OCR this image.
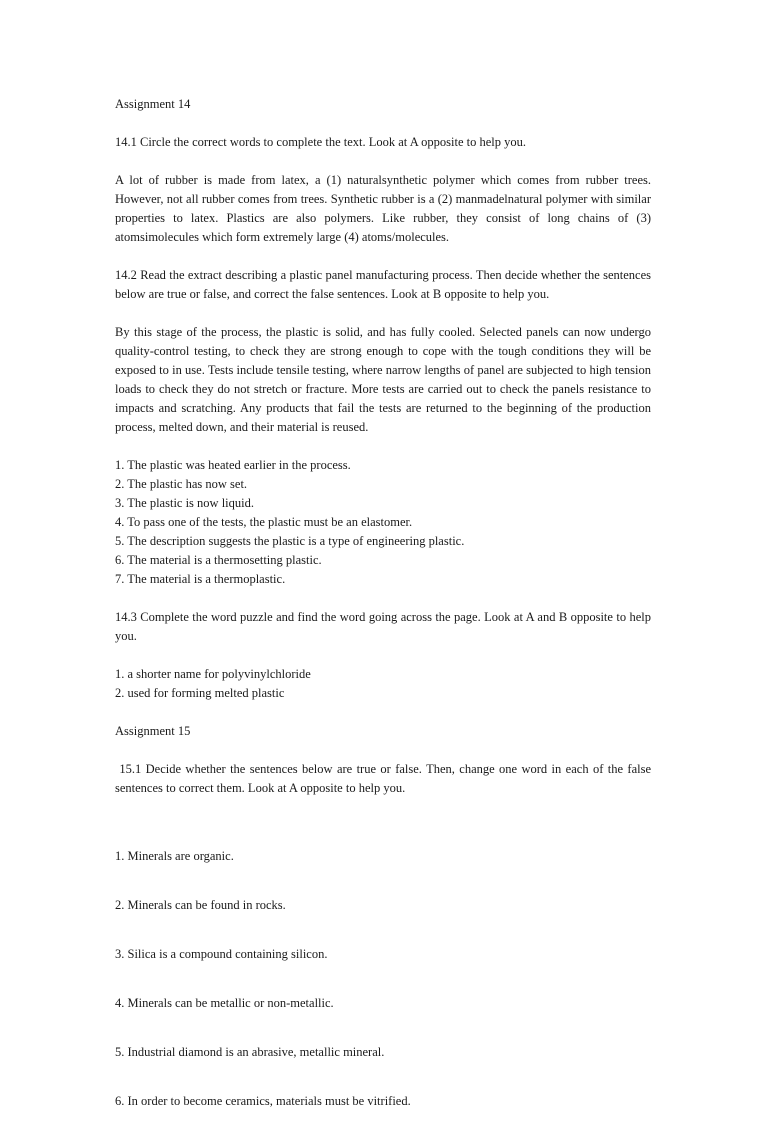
Assignment 14

14.1 Circle the correct words to complete the text. Look at A opposite to help you.

A lot of rubber is made from latex, a (1) naturalsynthetic polymer which comes from rubber trees. However, not all rubber comes from trees. Synthetic rubber is a (2) manmadelnatural polymer with similar properties to latex. Plastics are also polymers. Like rubber, they consist of long chains of (3) atomsimolecules which form extremely large (4) atoms/molecules.

14.2 Read the extract describing a plastic panel manufacturing process. Then decide whether the sentences below are true or false, and correct the false sentences. Look at B opposite to help you.

By this stage of the process, the plastic is solid, and has fully cooled. Selected panels can now undergo quality-control testing, to check they are strong enough to cope with the tough conditions they will be exposed to in use. Tests include tensile testing, where narrow lengths of panel are subjected to high tension loads to check they do not stretch or fracture. More tests are carried out to check the panels resistance to impacts and scratching. Any products that fail the tests are returned to the beginning of the production process, melted down, and their material is reused.

1. The plastic was heated earlier in the process.
2. The plastic has now set.
3. The plastic is now liquid.
4. To pass one of the tests, the plastic must be an elastomer.
5. The description suggests the plastic is a type of engineering plastic.
6. The material is a thermosetting plastic.
7. The material is a thermoplastic.

14.3 Complete the word puzzle and find the word going across the page. Look at A and B opposite to help you.

1. a shorter name for polyvinylchloride
2. used for forming melted plastic

Assignment 15

15.1 Decide whether the sentences below are true or false. Then, change one word in each of the false sentences to correct them. Look at A opposite to help you.

1. Minerals are organic.

2. Minerals can be found in rocks.

3. Silica is a compound containing silicon.

4. Minerals can be metallic or non-metallic.

5. Industrial diamond is an abrasive, metallic mineral.

6. In order to become ceramics, materials must be vitrified.
